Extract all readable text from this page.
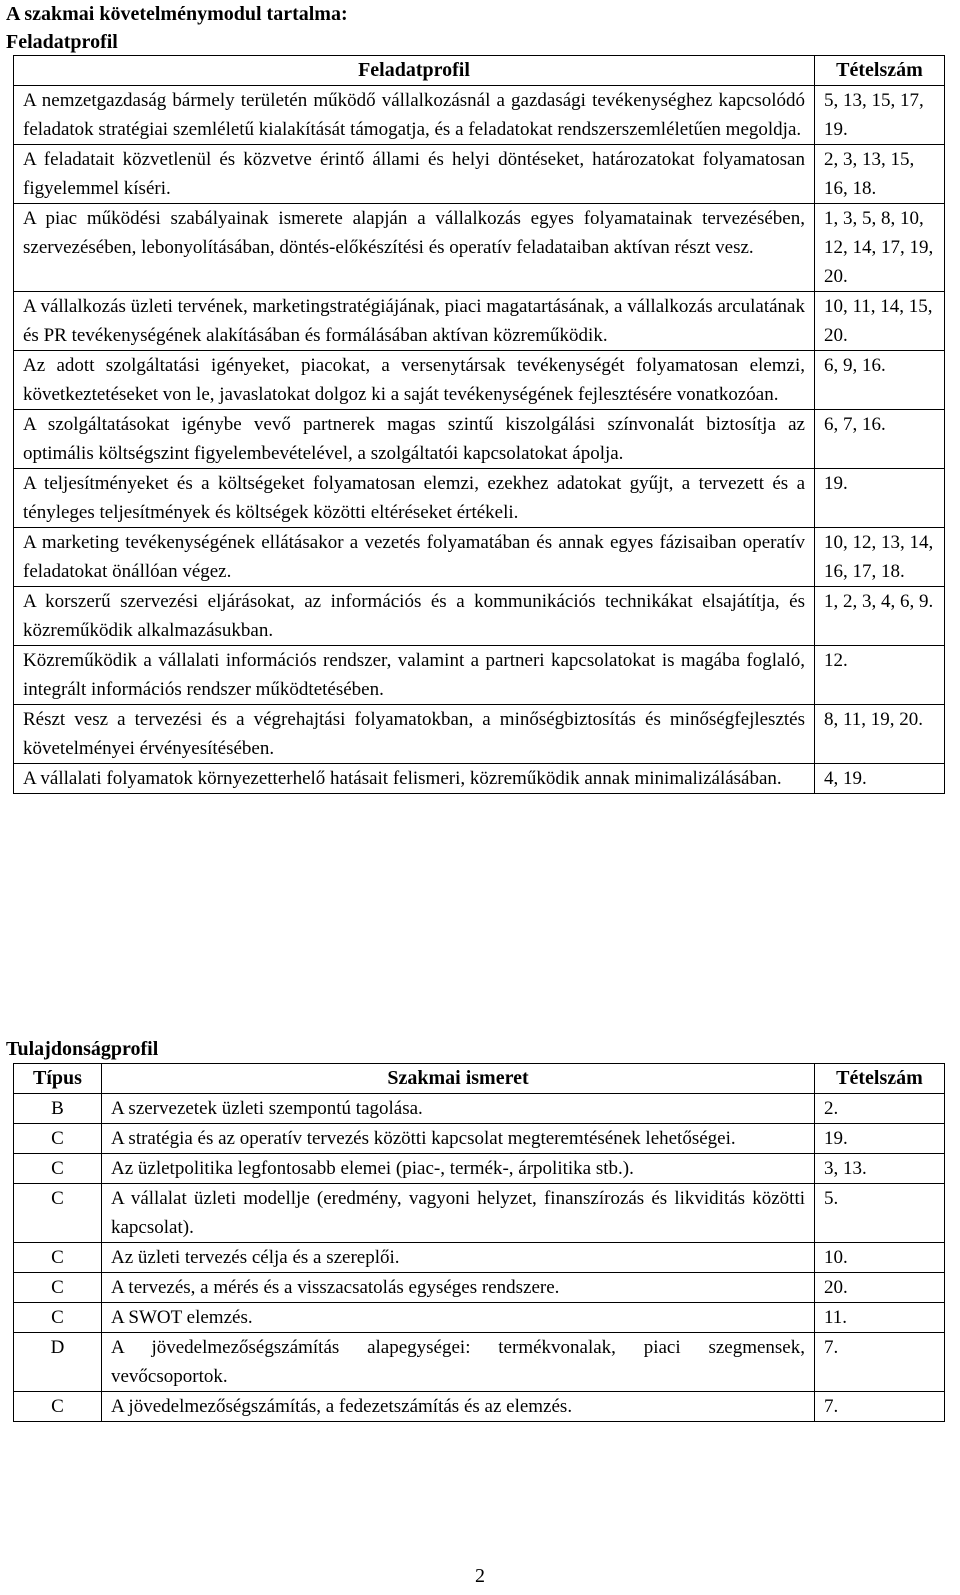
A szakmai követelménymodul tartalma:
Feladatprofil
Feladatprofil	Tételszám
A nemzetgazdaság bármely területén működő vállalkozásnál a gazdasági tevékenységhez kapcsolódó feladatok stratégiai szemléletű kialakítását támogatja, és a feladatokat rendszerszemléletűen megoldja.	5, 13, 15, 17, 19.
A feladatait közvetlenül és közvetve érintő állami és helyi döntéseket, határozatokat folyamatosan figyelemmel kíséri.	2, 3, 13, 15, 16, 18.
A piac működési szabályainak ismerete alapján a vállalkozás egyes folyamatainak tervezésében, szervezésében, lebonyolításában, döntés-előkészítési és operatív feladataiban aktívan részt vesz.	1, 3, 5, 8, 10, 12, 14, 17, 19, 20.
A vállalkozás üzleti tervének, marketingstratégiájának, piaci magatartásának, a vállalkozás arculatának és PR tevékenységének alakításában és formálásában aktívan közreműködik.	10, 11, 14, 15, 20.
Az adott szolgáltatási igényeket, piacokat, a versenytársak tevékenységét folyamatosan elemzi, következtetéseket von le, javaslatokat dolgoz ki a saját tevékenységének fejlesztésére vonatkozóan.	6, 9, 16.
A szolgáltatásokat igénybe vevő partnerek magas szintű kiszolgálási színvonalát biztosítja az optimális költségszint figyelembevételével, a szolgáltatói kapcsolatokat ápolja.	6, 7, 16.
A teljesítményeket és a költségeket folyamatosan elemzi, ezekhez adatokat gyűjt, a tervezett és a tényleges teljesítmények és költségek közötti eltéréseket értékeli.	19.
A marketing tevékenységének ellátásakor a vezetés folyamatában és annak egyes fázisaiban operatív feladatokat önállóan végez.	10, 12, 13, 14, 16, 17, 18.
A korszerű szervezési eljárásokat, az információs és a kommunikációs technikákat elsajátítja, és közreműködik alkalmazásukban.	1, 2, 3, 4, 6, 9.
Közreműködik a vállalati információs rendszer, valamint a partneri kapcsolatokat is magába foglaló, integrált információs rendszer működtetésében.	12.
Részt vesz a tervezési és a végrehajtási folyamatokban, a minőségbiztosítás és minőségfejlesztés követelményei érvényesítésében.	8, 11, 19, 20.
A vállalati folyamatok környezetterhelő hatásait felismeri, közreműködik annak minimalizálásában.	4, 19.
Tulajdonságprofil
Típus	Szakmai ismeret	Tételszám
B	A szervezetek üzleti szempontú tagolása.	2.
C	A stratégia és az operatív tervezés közötti kapcsolat megteremtésének lehetőségei.	19.
C	Az üzletpolitika legfontosabb elemei (piac-, termék-, árpolitika stb.).	3, 13.
C	A vállalat üzleti modellje (eredmény, vagyoni helyzet, finanszírozás és likviditás közötti kapcsolat).	5.
C	Az üzleti tervezés célja és a szereplői.	10.
C	A tervezés, a mérés és a visszacsatolás egységes rendszere.	20.
C	A SWOT elemzés.	11.
D	A jövedelmezőségszámítás alapegységei: termékvonalak, piaci szegmensek, vevőcsoportok.	7.
C	A jövedelmezőségszámítás, a fedezetszámítás és az elemzés.	7.
2
